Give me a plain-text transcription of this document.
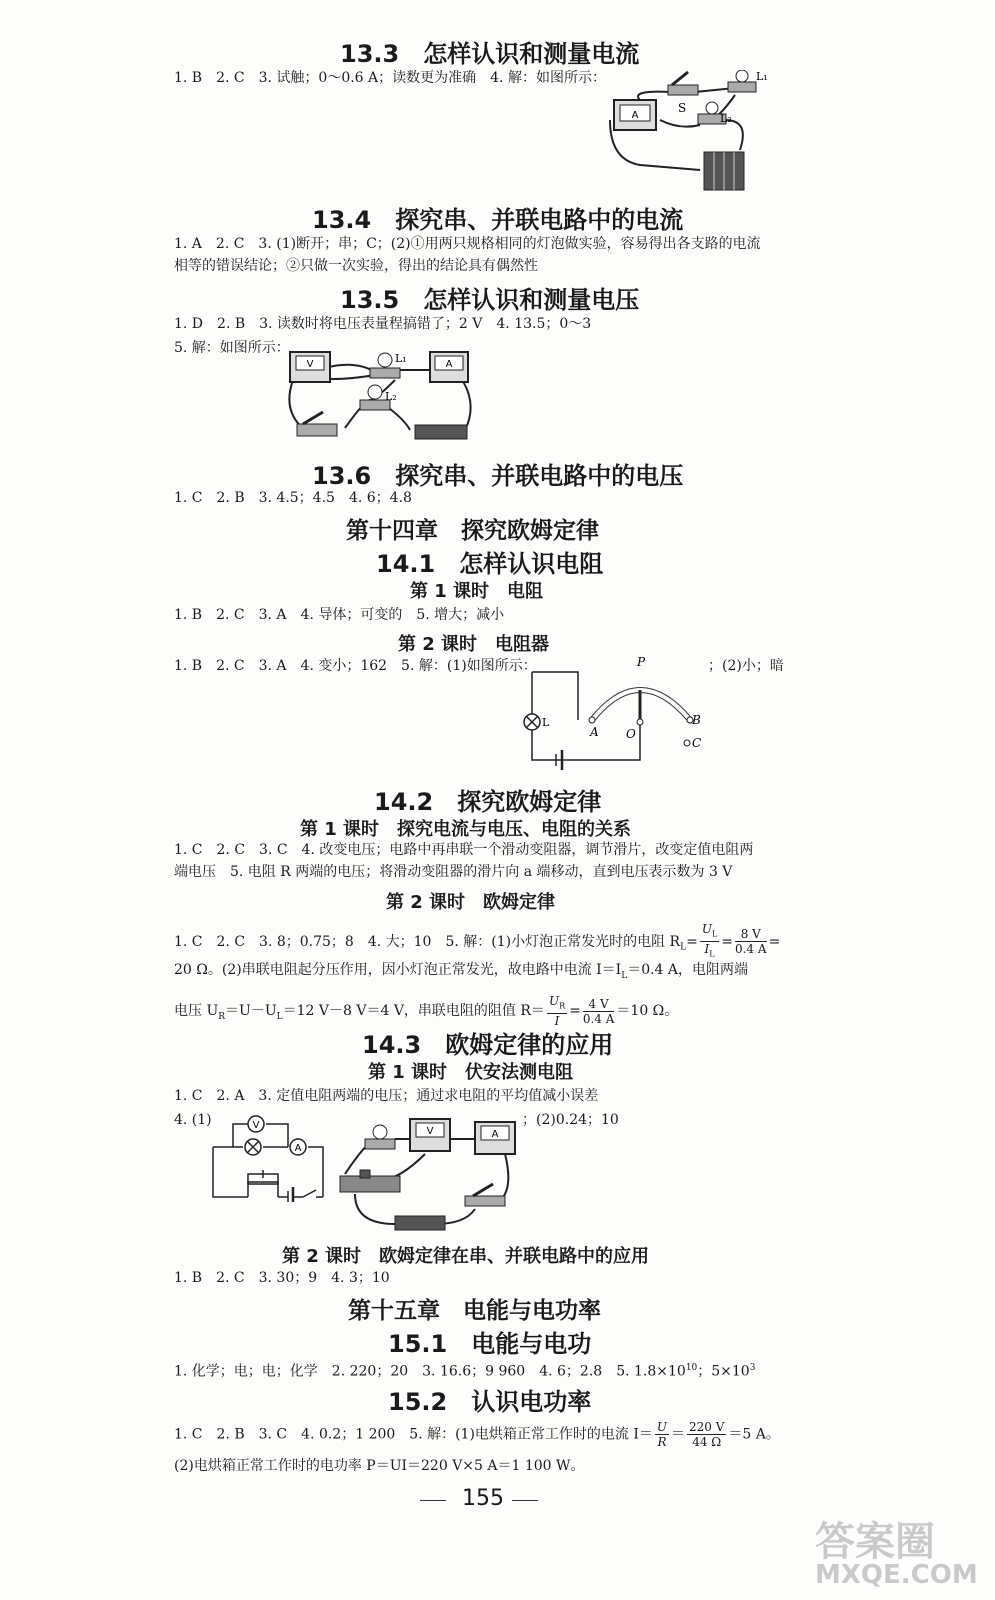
13.3　怎样认识和测量电流
1. B　2. C　3. 试触；0～0.6 A；读数更为准确　4. 解：如图所示：
A
S
L₁
L₂
13.4　探究串、并联电路中的电流
1. A　2. C　3. (1)断开；串；C；(2)①用两只规格相同的灯泡做实验，容易得出各支路的电流
相等的错误结论；②只做一次实验，得出的结论具有偶然性
13.5　怎样认识和测量电压
1. D　2. B　3. 读数时将电压表量程搞错了；2 V　4. 13.5；0～3
5. 解：如图所示：
V	L₁	A
L₂
13.6　探究串、并联电路中的电压
1. C　2. B　3. 4.5；4.5　4. 6；4.8
第十四章　探究欧姆定律
14.1　怎样认识电阻
第 1 课时　电阻
1. B　2. C　3. A　4. 导体；可变的　5. 增大；减小
第 2 课时　电阻器
1. B　2. C　3. A　4. 变小；162　5. 解：(1)如图所示：	；(2)小；暗
P
L
A O
B
C
14.2　探究欧姆定律
第 1 课时　探究电流与电压、电阻的关系
1. C　2. C　3. C　4. 改变电压；电路中再串联一个滑动变阻器，调节滑片，改变定值电阻两
端电压　5. 电阻 R 两端的电压；将滑动变阻器的滑片向 a 端移动，直到电压表示数为 3 V
第 2 课时　欧姆定律
1. C　2. C　3. 8；0.75；8　4. 大；10　5. 解：(1)小灯泡正常发光时的电阻 $R_L= \frac{U_L}{I_L} = \frac{8 V}{0.4 A}$ =
20 Ω。(2)串联电阻起分压作用，因小灯泡正常发光，故电路中电流 $I=I_L=0.4$ A，电阻两端
电压 $U_R=U-U_L=12$ V－8 V＝4 V，串联电阻的阻值 $R= \frac{U_R}{I} = \frac{4 V}{0.4 A} =10$ Ω。
14.3　欧姆定律的应用
第 1 课时　伏安法测电阻
1. C　2. A　3. 定值电阻两端的电压；通过求电阻的平均值减小误差
4. (1)	；(2)0.24；10
V
A
V	A
第 2 课时　欧姆定律在串、并联电路中的应用
1. B　2. C　3. 30；9　4. 3；10
第十五章　电能与电功率
15.1　电能与电功
1. 化学；电；电；化学　2. 220；20　3. 16.6；9 960　4. 6；2.8　5. $1.8\times 10^{10}$；$5\times 10^3$
15.2　认识电功率
1. C　2. B　3. C　4. 0.2；1 200　5. 解：(1)电烘箱正常工作时的电流 $I= \frac{U}{R} = \frac{220 V}{44 \Omega} =5$ A。
(2)电烘箱正常工作时的电功率 P＝UI＝220 V×5 A＝1 100 W。
155
答案圈
MXQE.COM
